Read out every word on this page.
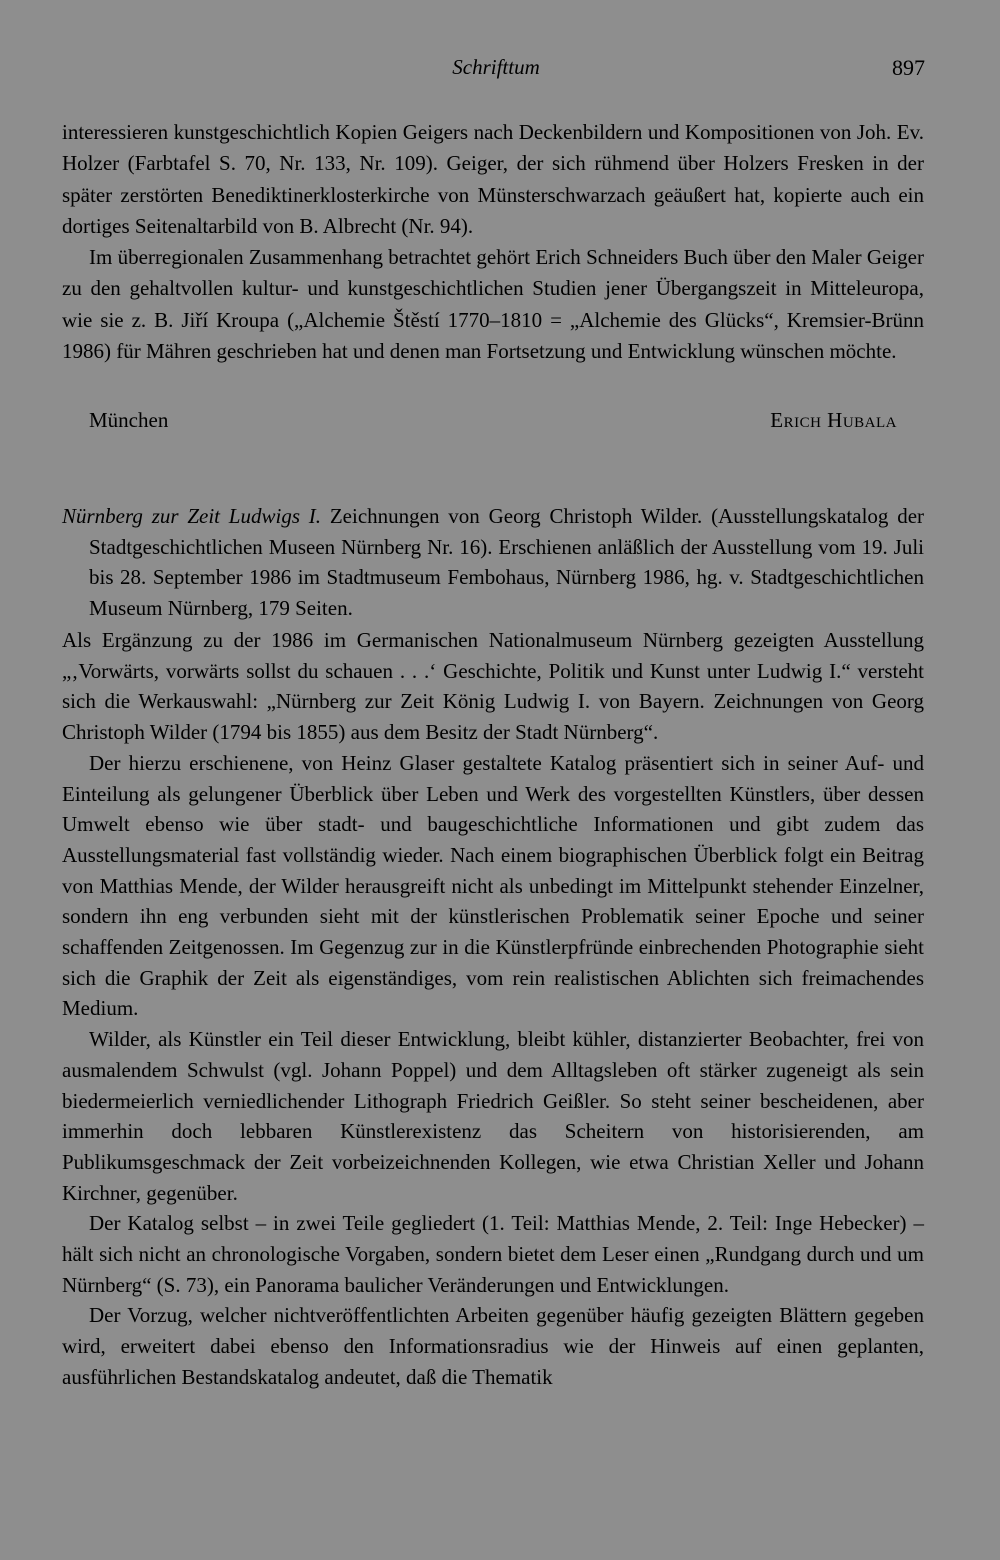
Schrifttum	897

interessieren kunstgeschichtlich Kopien Geigers nach Deckenbildern und Kompositionen von Joh. Ev. Holzer (Farbtafel S. 70, Nr. 133, Nr. 109). Geiger, der sich rühmend über Holzers Fresken in der später zerstörten Benediktinerklosterkirche von Münsterschwarzach geäußert hat, kopierte auch ein dortiges Seitenaltarbild von B. Albrecht (Nr. 94).

Im überregionalen Zusammenhang betrachtet gehört Erich Schneiders Buch über den Maler Geiger zu den gehaltvollen kultur- und kunstgeschichtlichen Studien jener Übergangszeit in Mitteleuropa, wie sie z. B. Jiří Kroupa („Alchemie Štěstí 1770–1810 = „Alchemie des Glücks“, Kremsier-Brünn 1986) für Mähren geschrieben hat und denen man Fortsetzung und Entwicklung wünschen möchte.

München	Erich Hubala
Nürnberg zur Zeit Ludwigs I. Zeichnungen von Georg Christoph Wilder. (Ausstellungskatalog der Stadtgeschichtlichen Museen Nürnberg Nr. 16). Erschienen anläßlich der Ausstellung vom 19. Juli bis 28. September 1986 im Stadtmuseum Fembohaus, Nürnberg 1986, hg. v. Stadtgeschichtlichen Museum Nürnberg, 179 Seiten.

Als Ergänzung zu der 1986 im Germanischen Nationalmuseum Nürnberg gezeigten Ausstellung „‚Vorwärts, vorwärts sollst du schauen . . .‘ Geschichte, Politik und Kunst unter Ludwig I.“ versteht sich die Werkauswahl: „Nürnberg zur Zeit König Ludwig I. von Bayern. Zeichnungen von Georg Christoph Wilder (1794 bis 1855) aus dem Besitz der Stadt Nürnberg“.

Der hierzu erschienene, von Heinz Glaser gestaltete Katalog präsentiert sich in seiner Auf- und Einteilung als gelungener Überblick über Leben und Werk des vorgestellten Künstlers, über dessen Umwelt ebenso wie über stadt- und baugeschichtliche Informationen und gibt zudem das Ausstellungsmaterial fast vollständig wieder. Nach einem biographischen Überblick folgt ein Beitrag von Matthias Mende, der Wilder herausgreift nicht als unbedingt im Mittelpunkt stehender Einzelner, sondern ihn eng verbunden sieht mit der künstlerischen Problematik seiner Epoche und seiner schaffenden Zeitgenossen. Im Gegenzug zur in die Künstlerpfründe einbrechenden Photographie sieht sich die Graphik der Zeit als eigenständiges, vom rein realistischen Ablichten sich freimachendes Medium.

Wilder, als Künstler ein Teil dieser Entwicklung, bleibt kühler, distanzierter Beobachter, frei von ausmalendem Schwulst (vgl. Johann Poppel) und dem Alltagsleben oft stärker zugeneigt als sein biedermeierlich verniedlichender Lithograph Friedrich Geißler. So steht seiner bescheidenen, aber immerhin doch lebbaren Künstlerexistenz das Scheitern von historisierenden, am Publikumsgeschmack der Zeit vorbeizeichnenden Kollegen, wie etwa Christian Xeller und Johann Kirchner, gegenüber.

Der Katalog selbst – in zwei Teile gegliedert (1. Teil: Matthias Mende, 2. Teil: Inge Hebecker) – hält sich nicht an chronologische Vorgaben, sondern bietet dem Leser einen „Rundgang durch und um Nürnberg“ (S. 73), ein Panorama baulicher Veränderungen und Entwicklungen.

Der Vorzug, welcher nichtveröffentlichten Arbeiten gegenüber häufig gezeigten Blättern gegeben wird, erweitert dabei ebenso den Informationsradius wie der Hinweis auf einen geplanten, ausführlichen Bestandskatalog andeutet, daß die Thematik
